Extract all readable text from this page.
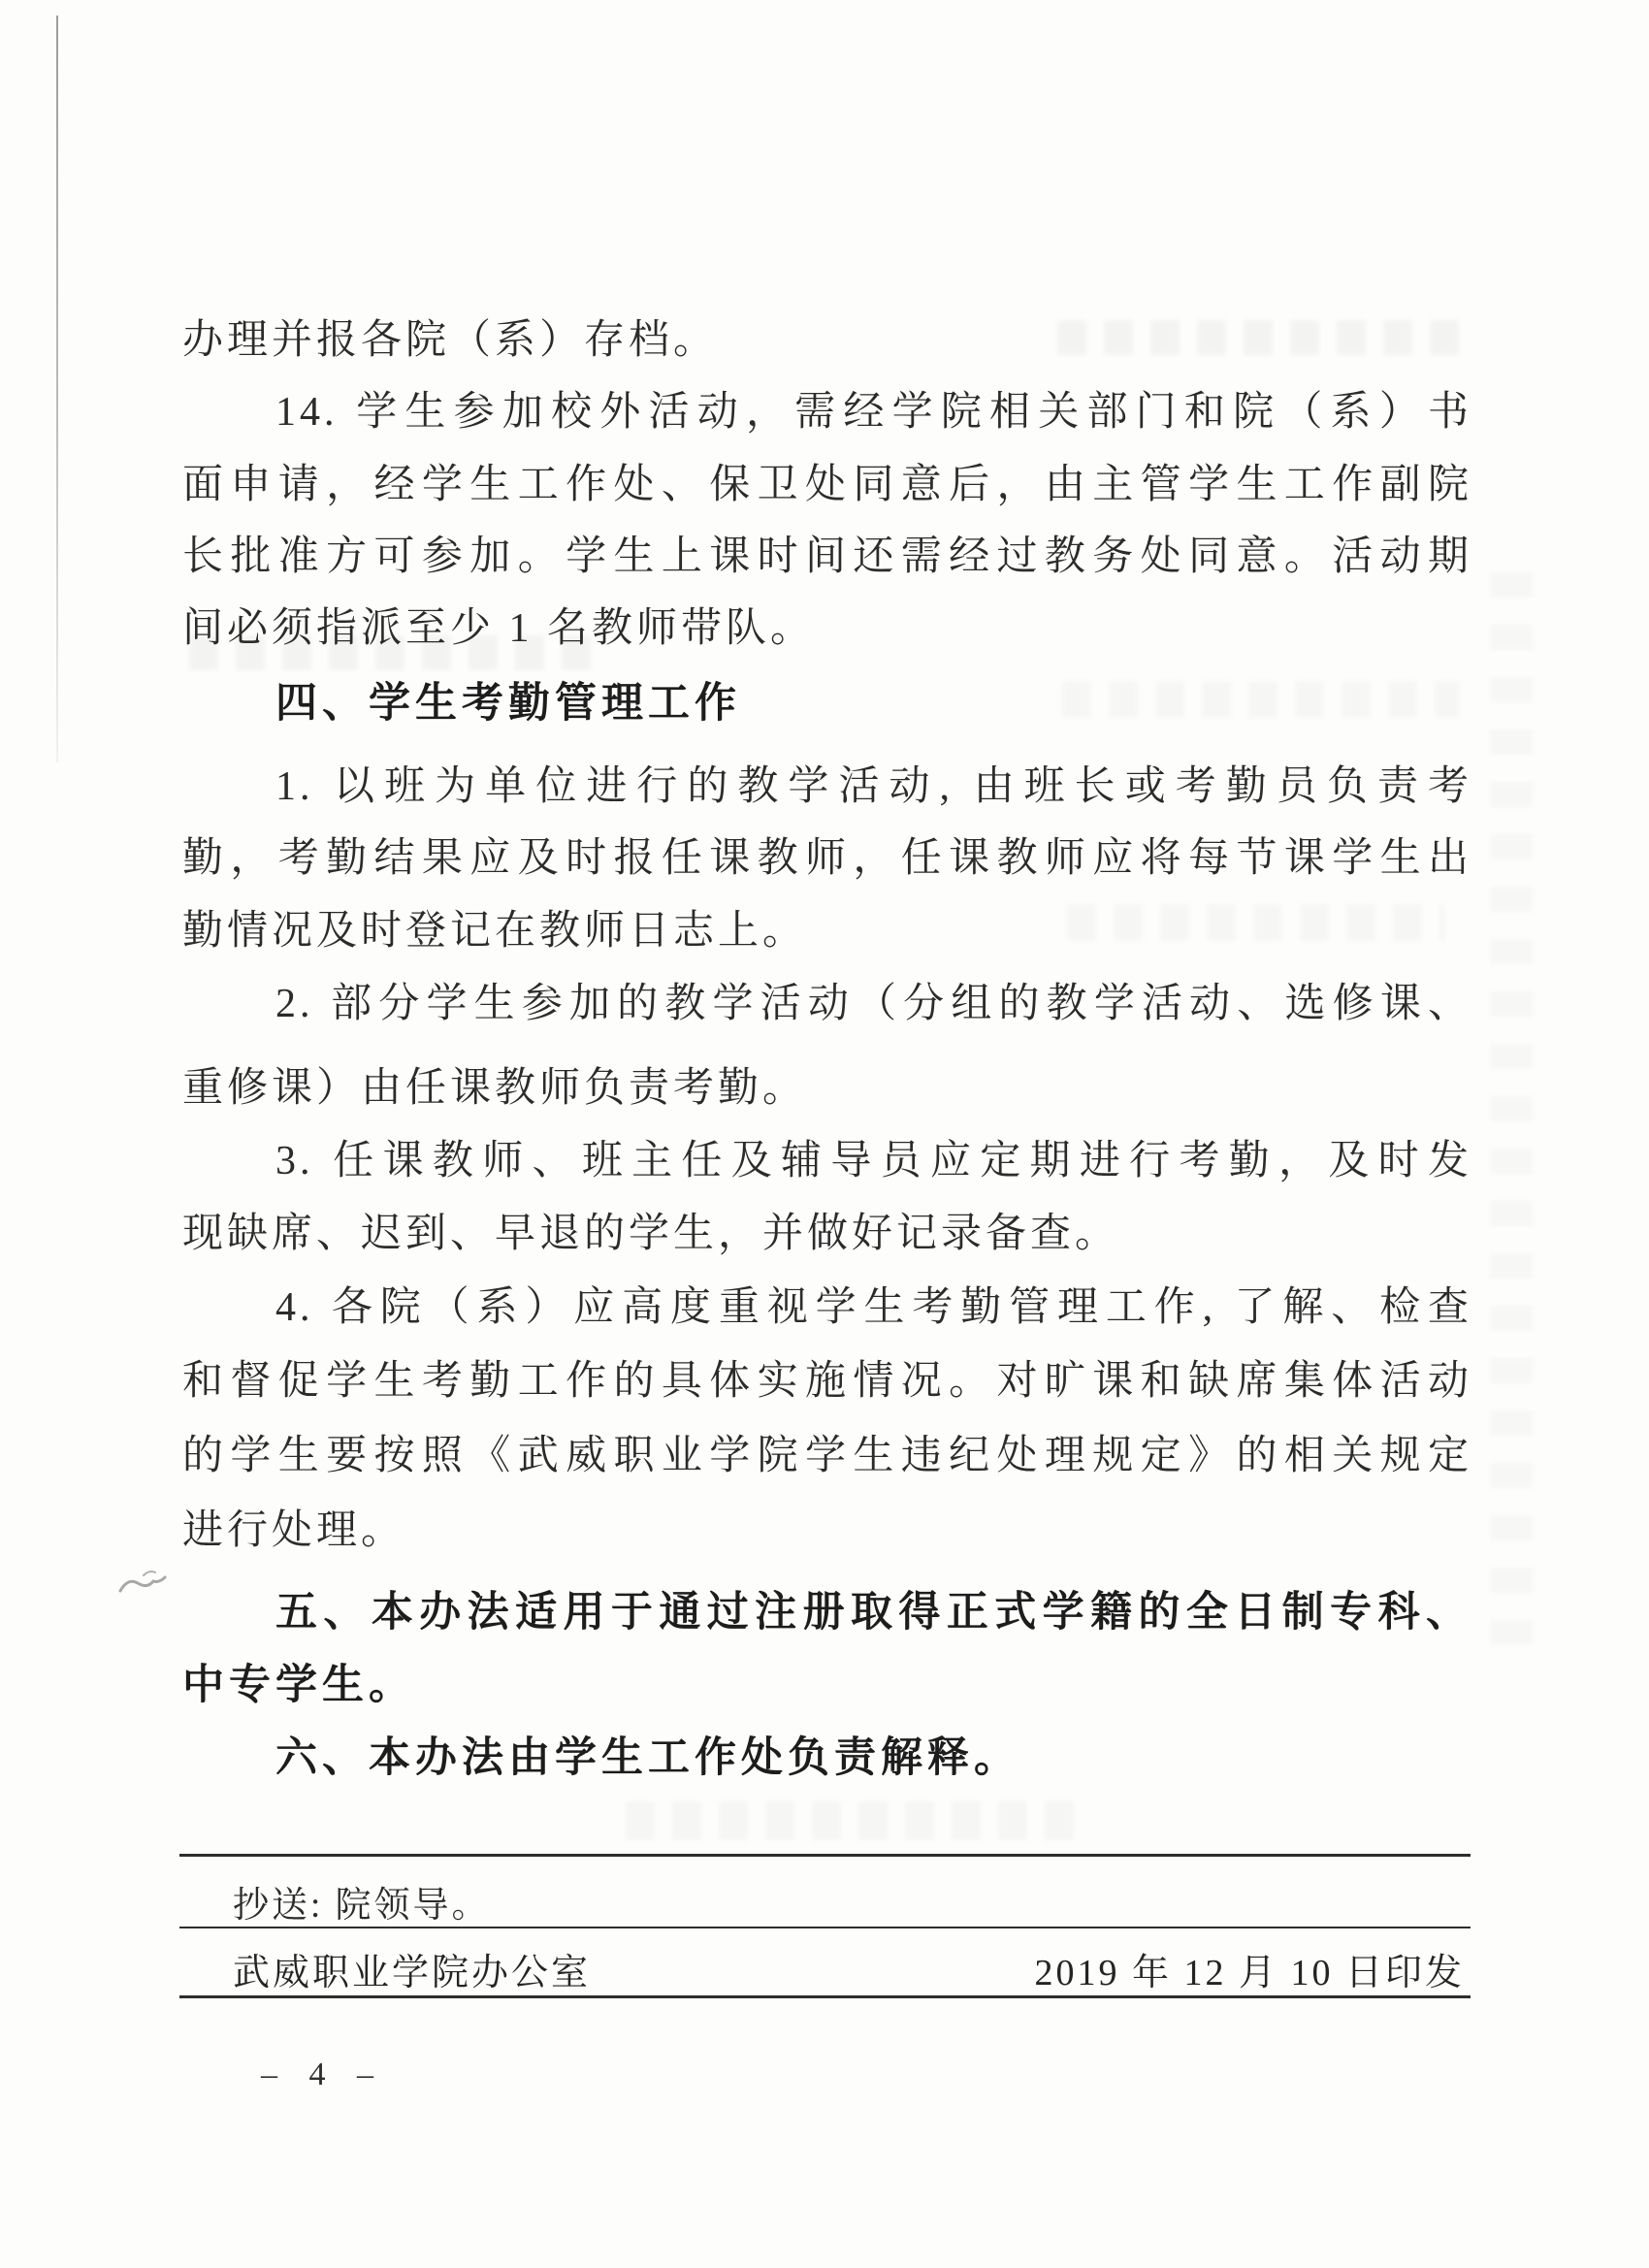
办理并报各院（系）存档。
14. 学生参加校外活动，需经学院相关部门和院（系）书
面申请，经学生工作处、保卫处同意后，由主管学生工作副院
长批准方可参加。学生上课时间还需经过教务处同意。活动期
间必须指派至少 1 名教师带队。
四、学生考勤管理工作
1. 以班为单位进行的教学活动, 由班长或考勤员负责考
勤，考勤结果应及时报任课教师，任课教师应将每节课学生出
勤情况及时登记在教师日志上。
2. 部分学生参加的教学活动（分组的教学活动、选修课、
重修课）由任课教师负责考勤。
3. 任课教师、班主任及辅导员应定期进行考勤，及时发
现缺席、迟到、早退的学生，并做好记录备查。
4. 各院（系）应高度重视学生考勤管理工作, 了解、检查
和督促学生考勤工作的具体实施情况。对旷课和缺席集体活动
的学生要按照《武威职业学院学生违纪处理规定》的相关规定
进行处理。
五、本办法适用于通过注册取得正式学籍的全日制专科、
中专学生。
六、本办法由学生工作处负责解释。
抄送: 院领导。
武威职业学院办公室	2019 年 12 月 10 日印发
– 4 –
